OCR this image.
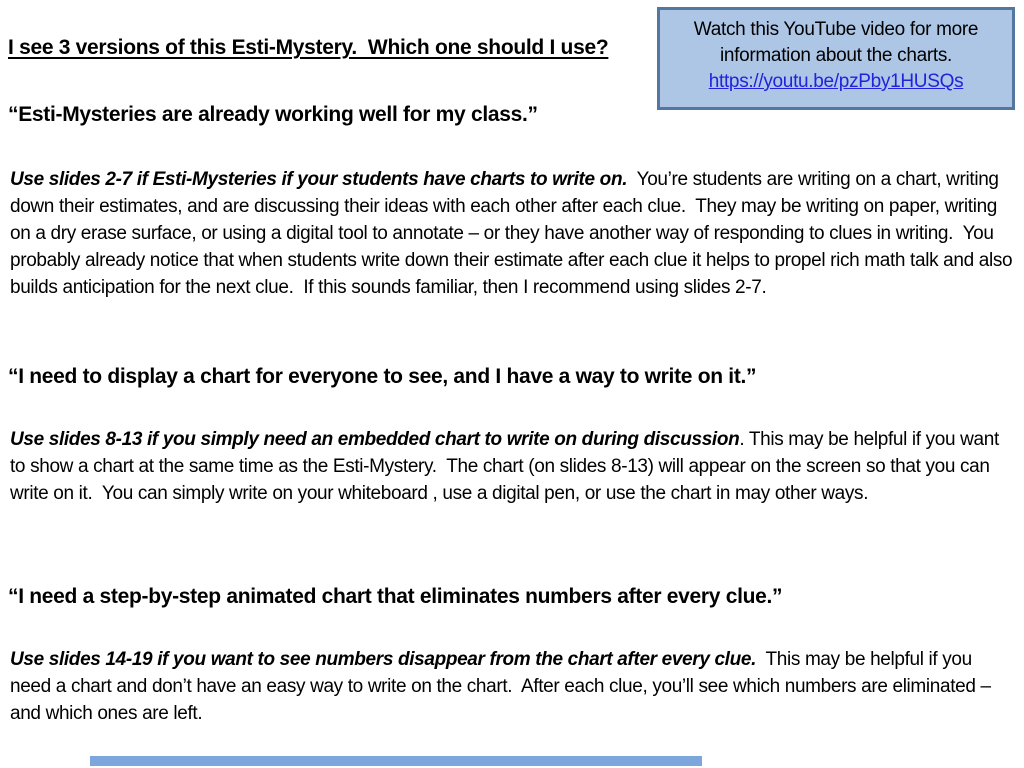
I see 3 versions of this Esti-Mystery.  Which one should I use?
Watch this YouTube video for more information about the charts.
https://youtu.be/pzPby1HUSQs
“Esti-Mysteries are already working well for my class.”
Use slides 2-7 if Esti-Mysteries if your students have charts to write on.  You’re students are writing on a chart, writing down their estimates, and are discussing their ideas with each other after each clue.  They may be writing on paper, writing on a dry erase surface, or using a digital tool to annotate – or they have another way of responding to clues in writing.  You probably already notice that when students write down their estimate after each clue it helps to propel rich math talk and also builds anticipation for the next clue.  If this sounds familiar, then I recommend using slides 2-7.
“I need to display a chart for everyone to see, and I have a way to write on it.”
Use slides 8-13 if you simply need an embedded chart to write on during discussion. This may be helpful if you want to show a chart at the same time as the Esti-Mystery.  The chart (on slides 8-13) will appear on the screen so that you can write on it.  You can simply write on your whiteboard , use a digital pen, or use the chart in may other ways.
“I need a step-by-step animated chart that eliminates numbers after every clue.”
Use slides 14-19 if you want to see numbers disappear from the chart after every clue.  This may be helpful if you need a chart and don’t have an easy way to write on the chart.  After each clue, you’ll see which numbers are eliminated – and which ones are left.
